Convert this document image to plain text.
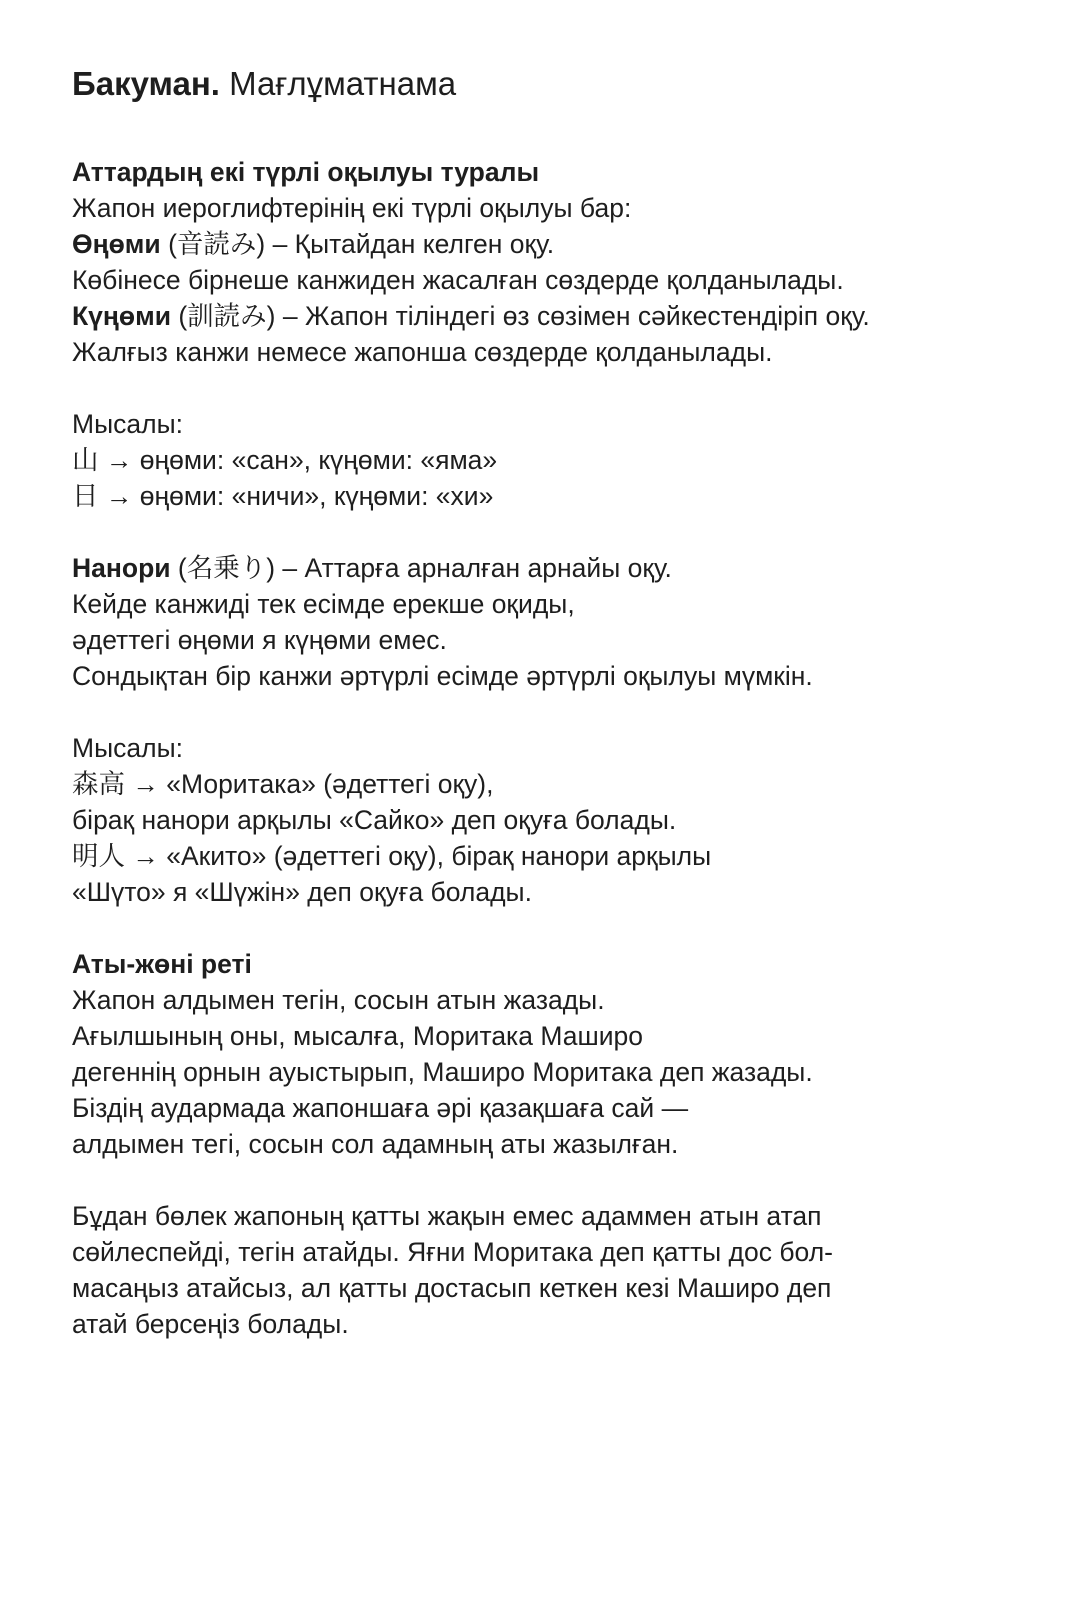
Бакуман. Мағлұматнама
Аттардың екі түрлі оқылуы туралы
Жапон иероглифтерінің екі түрлі оқылуы бар:
Өңөми (音読み) – Қытайдан келген оқу.
Көбінесе бірнеше канжиден жасалған сөздерде қолданылады.
Күңөми (訓読み) – Жапон тіліндегі өз сөзімен сәйкестендіріп оқу.
Жалғыз канжи немесе жапонша сөздерде қолданылады.
Мысалы:
山 → өңөми: «сан», күңөми: «яма»
日 → өңөми: «ничи», күңөми: «хи»
Нанори (名乗り) – Аттарға арналған арнайы оқу.
Кейде канжиді тек есімде ерекше оқиды,
әдеттегі өңөми я күңөми емес.
Сондықтан бір канжи әртүрлі есімде әртүрлі оқылуы мүмкін.
Мысалы:
森高 → «Моритака» (әдеттегі оқу),
бірақ нанори арқылы «Сайко» деп оқуға болады.
明人 → «Акито» (әдеттегі оқу), бірақ нанори арқылы
«Шүто» я «Шүжін» деп оқуға болады.
Аты-жөні реті
Жапон алдымен тегін, сосын атын жазады.
Ағылшының оны, мысалға, Моритака Маширо
дегеннің орнын ауыстырып, Маширо Моритака деп жазады.
Біздің аудармада жапоншаға әрі қазақшаға сай —
алдымен тегі, сосын сол адамның аты жазылған.
Бұдан бөлек жапоның қатты жақын емес адаммен атын атап
сөйлеспейді, тегін атайды. Яғни Моритака деп қатты дос бол-
масаңыз атайсыз, ал қатты достасып кеткен кезі Маширо деп
атай берсеңіз болады.
